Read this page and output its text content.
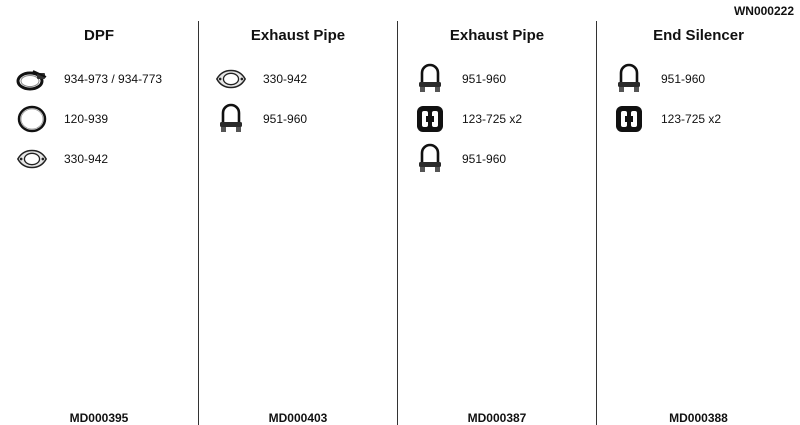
WN000222
DPF
934-973 / 934-773
120-939
330-942
MD000395
Exhaust Pipe
330-942
951-960
MD000403
Exhaust Pipe
951-960
123-725 x2
951-960
MD000387
End Silencer
951-960
123-725 x2
MD000388
